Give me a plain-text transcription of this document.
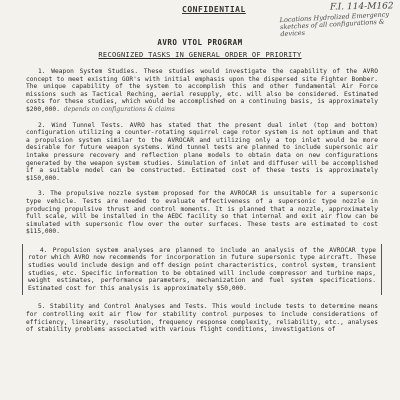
CONFIDENTIAL	F.I. 114-M162
Locations Hydrolized Emergency sketches of all configurations & devices
AVRO VTOL PROGRAM
RECOGNIZED TASKS IN GENERAL ORDER OF PRIORITY

1. Weapon System Studies. These studies would investigate the capability of the AVRO concept to meet existing GOR's with initial emphasis upon the dispersed site Fighter Bomber. The unique capability of the system to accomplish this and other fundamental Air Force missions such as Tactical Reching, aerial resupply, etc. will also be considered. Estimated costs for these studies, which would be accomplished on a continuing basis, is approximately $200,000. depends on configurations & claims

2. Wind Tunnel Tests. AVRO has stated that the present dual inlet (top and bottom) configuration utilizing a counter-rotating squirrel cage rotor system is not optimum and that a propulsion system similar to the AVROCAR and utilizing only a top inlet would be more desirable for future weapon systems. Wind tunnel tests are planned to include supersonic air intake pressure recovery and reflection plane models to obtain data on new configurations generated by the weapon system studies. Simulation of inlet and diffuser will be accomplished if a suitable model can be constructed. Estimated cost of these tests is approximately $150,000.

3. The propulsive nozzle system proposed for the AVROCAR is unsuitable for a supersonic type vehicle. Tests are needed to evaluate effectiveness of a supersonic type nozzle in producing propulsive thrust and control moments. It is planned that a nozzle, approximately full scale, will be installed in the AEDC facility so that internal and exit air flow can be simulated with supersonic flow over the outer surfaces. These tests are estimated to cost $115,000.

4. Propulsion system analyses are planned to include an analysis of the AVROCAR type rotor which AVRO now recommends for incorporation in future supersonic type aircraft. These studies would include design and off design point characteristics, control system, transient studies, etc. Specific information to be obtained will include compressor and turbine maps, weight estimates, performance parameters, mechanization and fuel system specifications. Estimated cost for this analysis is approximately $50,000.

5. Stability and Control Analyses and Tests. This would include tests to determine means for controlling exit air flow for stability control purposes to include considerations of efficiency, linearity, resolution, frequency response complexity, reliability, etc., analyses of stability problems associated with various flight conditions, investigations of
